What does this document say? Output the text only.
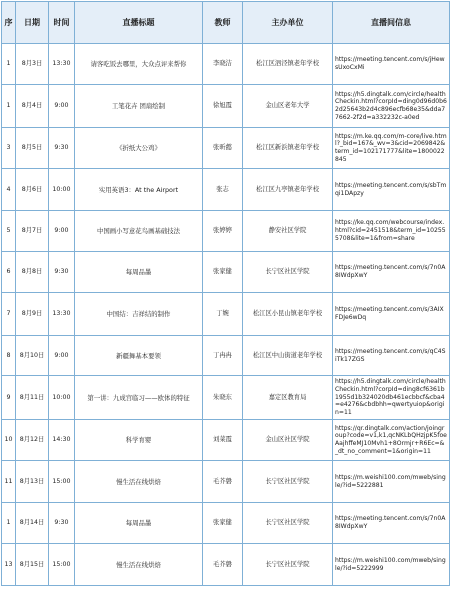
序	日期	时间	直播标题	教师	主办单位	直播间信息
1	8月3日	13:30	请客吃饭去哪里，大众点评来帮你	李晓洁	松江区泗泾镇老年学校	https://meeting.tencent.com/s/jHewsUxoCxMi
1	8月4日	9:00	工笔花卉 团扇绘制	徐旭霞	金山区老年大学	https://h5.dingtalk.com/circle/healthCheckin.html?corpId=ding0d96d0b62d25643b2d4c896ecfb68e35&dda77662-2f2d=a332232c-a0ed
3	8月5日	9:30	《折纸大公鸡》	张昕懿	松江区新浜镇老年学校	https://m.ke.qq.com/m-core/live.html?_bid=167&_wv=3&cid=2069842&term_id=102171777&lite=1800022845
4	8月6日	10:00	实用英语3：At the Airport	张志	松江区九亭镇老年学校	https://meeting.tencent.com/s/sbTmqi1DApzy
5	8月7日	9:00	中国画小写意花鸟画基础技法	张婷婷	静安社区学院	https://ke.qq.com/webcourse/index.html?cid=2451518&term_id=102555708&lite=1&from=share
6	8月8日	9:30	每周品墨	张家健	长宁区社区学院	https://meeting.tencent.com/s/7n0A8IWdpXwY
7	8月9日	13:30	中国结：吉祥结的制作	丁婉	松江区小昆山镇老年学校	https://meeting.tencent.com/s/3AIXFDJe6wDq
8	8月10日	9:00	新疆舞基本要领	丁冉冉	松江区中山街道老年学校	https://meeting.tencent.com/s/qC4SiTk17ZGS
9	8月11日	10:00	第一讲：九成宫临习——欧体的特征	朱晓东	嘉定区教育局	https://h5.dingtalk.com/circle/healthCheckin.html?corpId=ding8cf6361b1955d1b324020db461ecbbcf&cba4=e4276&cbdbhh=qwertyuiop&origin=11
10	8月12日	14:30	科学育婴	刘菜霞	金山区社区学院	https://qr.dingtalk.com/action/joingroup?code=v1,k1,qcNKLbQHzjpK5foeAajhffeMJ10Mvh1+8Ormjr+R6Ec=&_dt_no_comment=1&origin=11
11	8月13日	15:00	慢生活在线烘焙	毛芥磐	长宁区社区学院	https://m.weishi100.com/mweb/single/?id=5222881
1	8月14日	9:30	每周品墨	张家健	长宁区社区学院	https://meeting.tencent.com/s/7n0A8IWdpXwY
13	8月15日	15:00	慢生活在线烘焙	毛芥磐	长宁区社区学院	https://m.weishi100.com/mweb/single/?id=5222999
